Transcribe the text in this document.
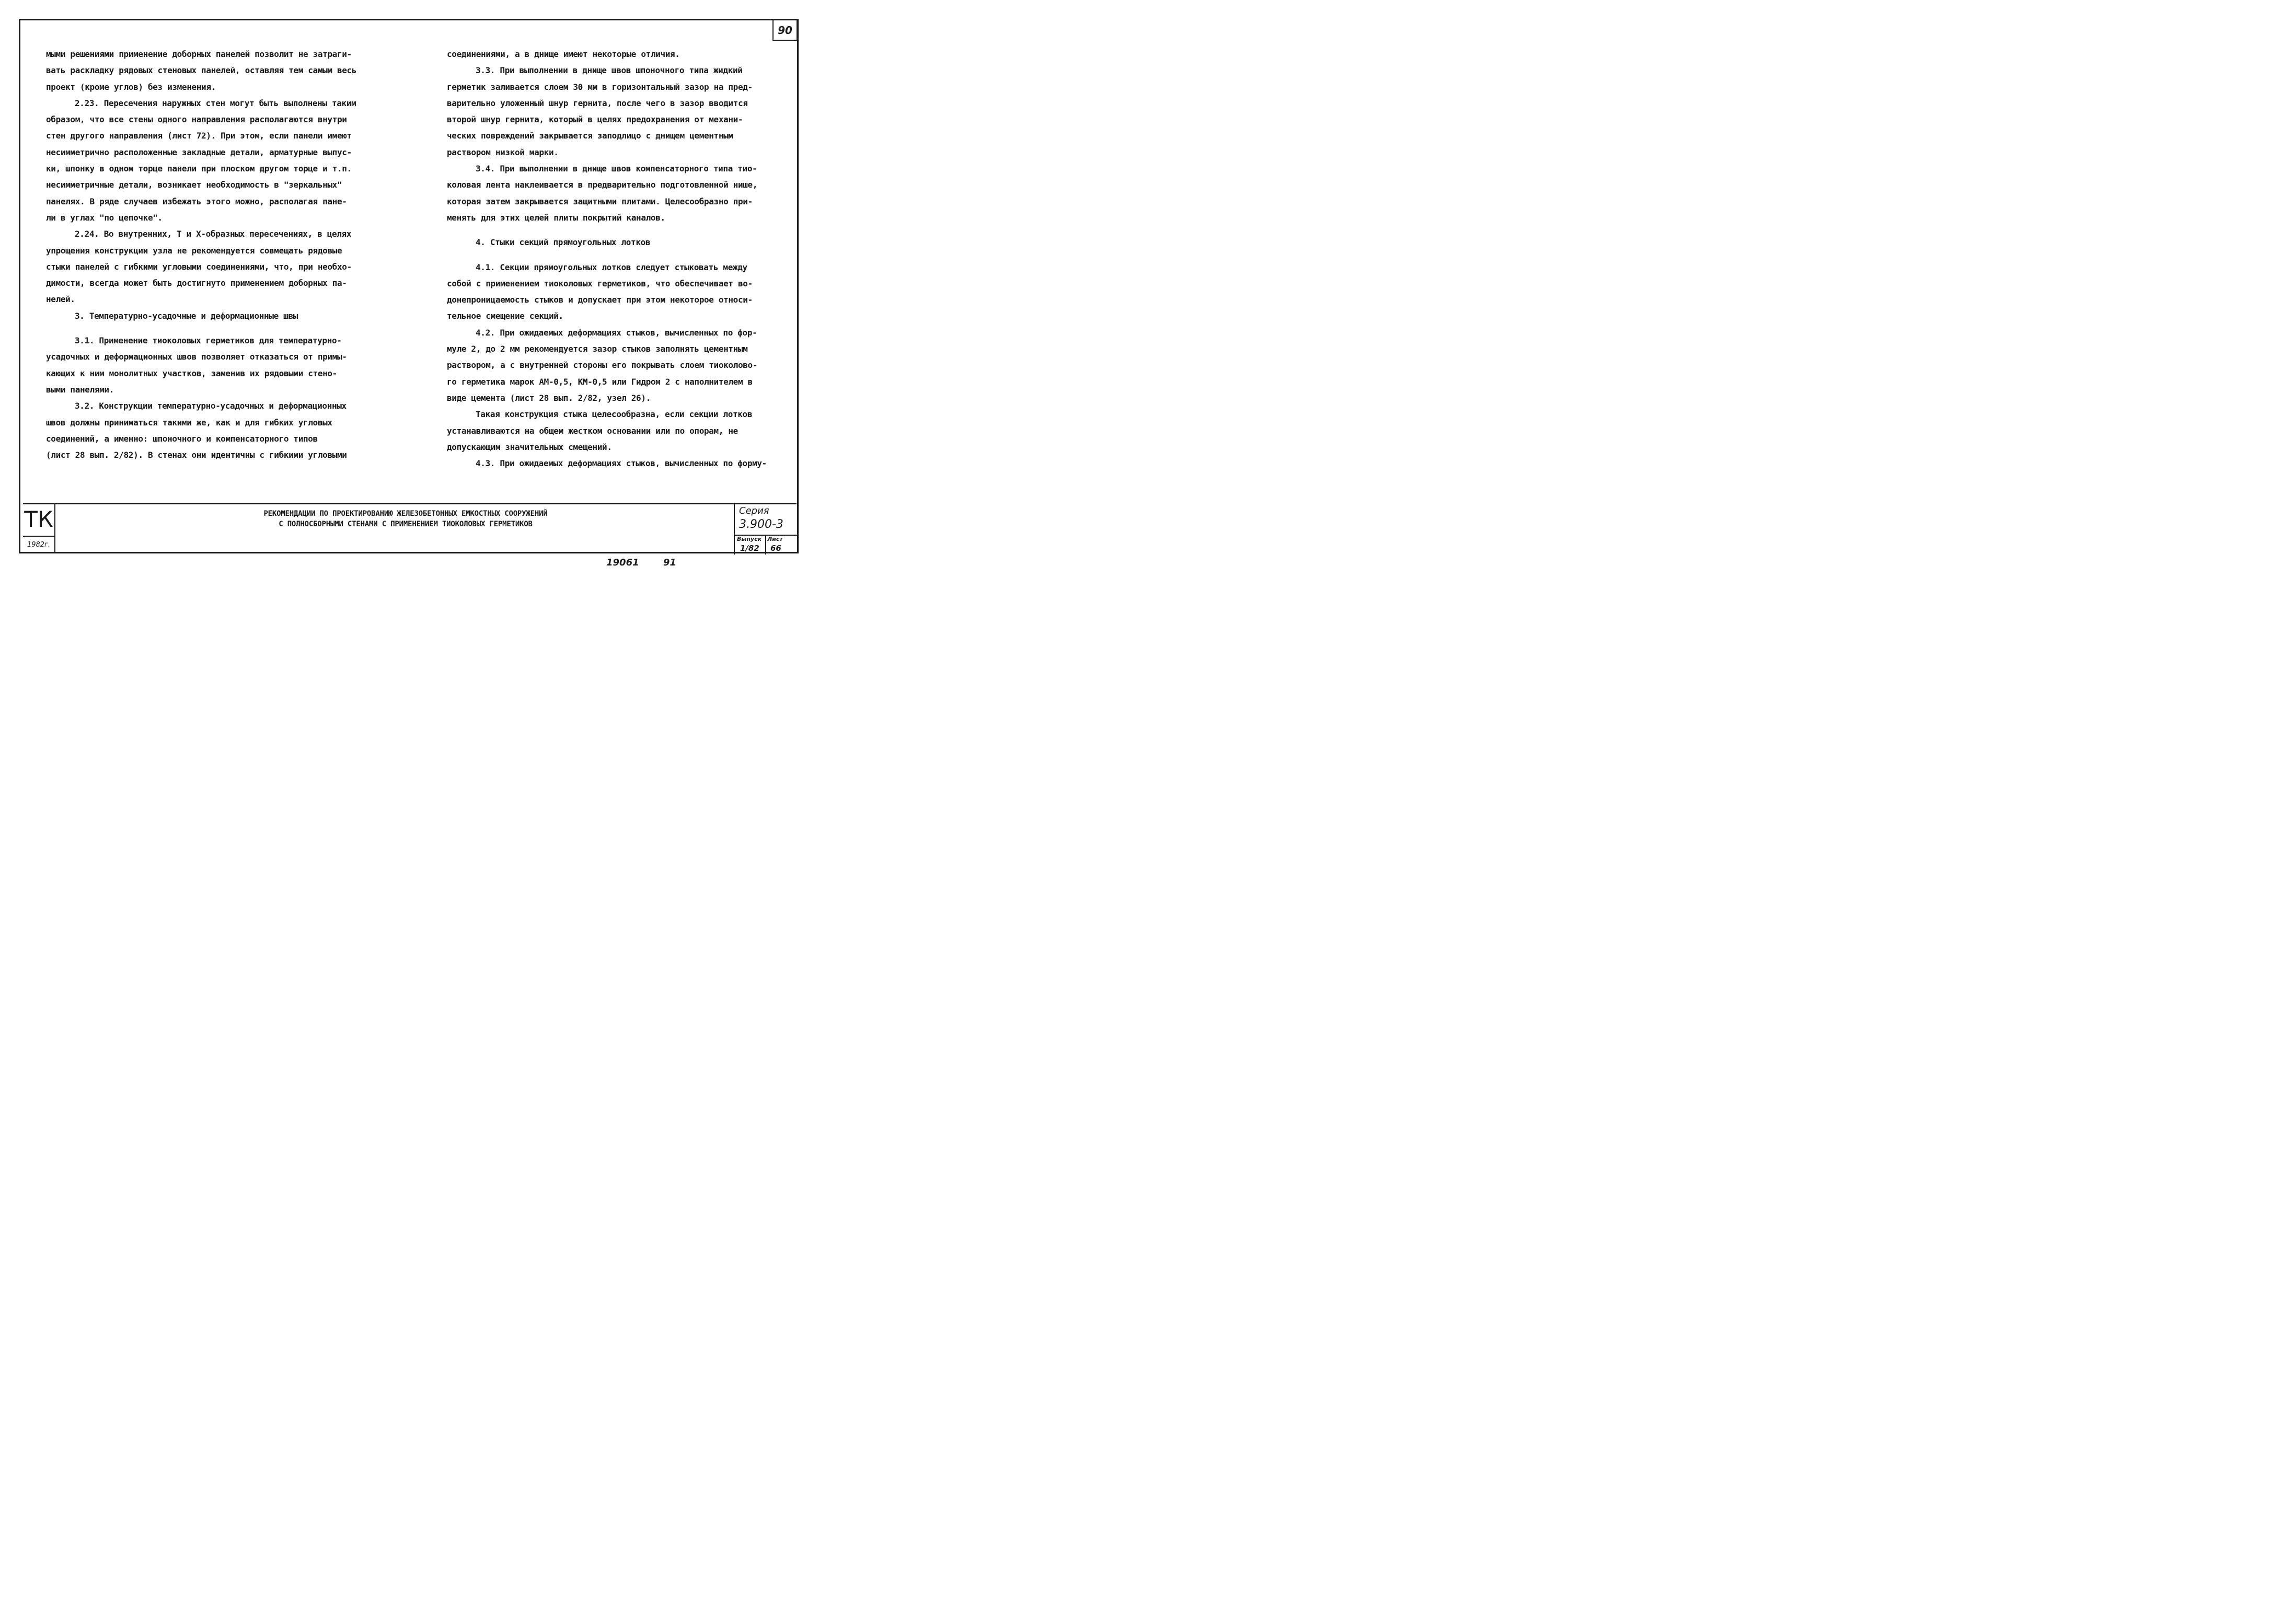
90

мыми решениями применение доборных панелей позволит не затраги-

вать раскладку рядовых стеновых панелей, оставляя тем самым весь

проект (кроме углов) без изменения.

2.23. Пересечения наружных стен могут быть выполнены таким

образом, что все стены одного направления располагаются внутри

стен другого направления (лист 72). При этом, если панели имеют

несимметрично расположенные закладные детали, арматурные выпус-

ки, шпонку в одном торце панели при плоском другом торце и т.п.

несимметричные детали, возникает необходимость в "зеркальных"

панелях. В ряде случаев избежать этого можно, располагая пане-

ли в углах "по цепочке".

2.24. Во внутренних, Т и Х-образных пересечениях, в целях

упрощения конструкции узла не рекомендуется совмещать рядовые

стыки панелей с гибкими угловыми соединениями, что, при необхо-

димости, всегда может быть достигнуто применением доборных па-

нелей.

3. Температурно-усадочные и деформационные швы

3.1. Применение тиоколовых герметиков для температурно-

усадочных и деформационных швов позволяет отказаться от примы-

кающих к ним монолитных участков, заменив их рядовыми стено-

выми панелями.

3.2. Конструкции температурно-усадочных и деформационных

швов должны приниматься такими же, как и для гибких угловых

соединений, а именно: шпоночного и компенсаторного типов

(лист 28 вып. 2/82). В стенах они идентичны с гибкими угловыми

соединениями, а в днище имеют некоторые отличия.

3.3. При выполнении в днище швов шпоночного типа жидкий

герметик заливается слоем 30 мм в горизонтальный зазор на пред-

варительно уложенный шнур гернита, после чего в зазор вводится

второй шнур гернита, который в целях предохранения от механи-

ческих повреждений закрывается заподлицо с днищем цементным

раствором низкой марки.

3.4. При выполнении в днище швов компенсаторного типа тио-

коловая лента наклеивается в предварительно подготовленной нише,

которая затем закрывается защитными плитами. Целесообразно при-

менять для этих целей плиты покрытий каналов.

4. Стыки секций прямоугольных лотков

4.1. Секции прямоугольных лотков следует стыковать между

собой с применением тиоколовых герметиков, что обеспечивает во-

донепроницаемость стыков и допускает при этом некоторое относи-

тельное смещение секций.

4.2. При ожидаемых деформациях стыков, вычисленных по фор-

муле 2, до 2 мм рекомендуется зазор стыков заполнять цементным

раствором, а с внутренней стороны его покрывать слоем тиоколово-

го герметика марок АМ-0,5, КМ-0,5 или Гидром 2 с наполнителем в

виде цемента (лист 28 вып. 2/82, узел 26).

Такая конструкция стыка целесообразна, если секции лотков

устанавливаются на общем жестком основании или по опорам, не

допускающим значительных смещений.

4.3. При ожидаемых деформациях стыков, вычисленных по форму-

ТК
1982г.
РЕКОМЕНДАЦИИ ПО ПРОЕКТИРОВАНИЮ ЖЕЛЕЗОБЕТОННЫХ ЕМКОСТНЫХ СООРУЖЕНИЙ
С ПОЛНОСБОРНЫМИ СТЕНАМИ С ПРИМЕНЕНИЕМ ТИОКОЛОВЫХ ГЕРМЕТИКОВ
Серия
3.900-3
Выпуск
1/82
Лист
66
19061	91
